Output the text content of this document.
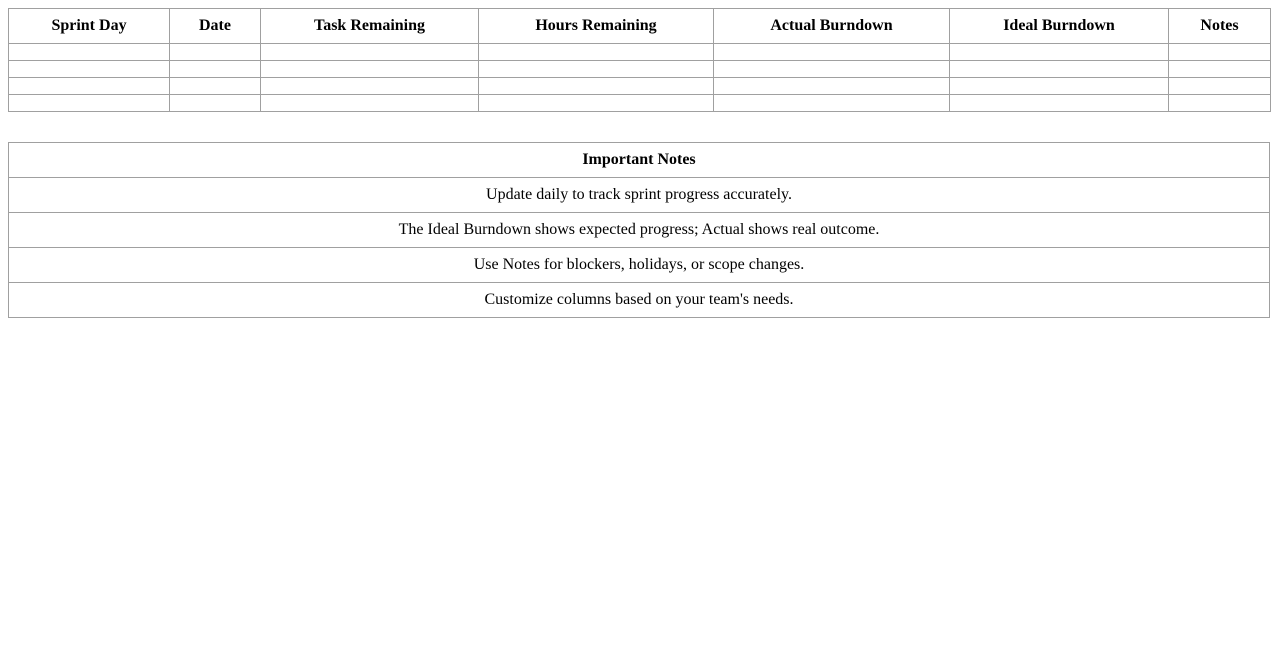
Sprint Day	Date	Task Remaining	Hours Remaining	Actual Burndown	Ideal Burndown	Notes

Important Notes
Update daily to track sprint progress accurately.
The Ideal Burndown shows expected progress; Actual shows real outcome.
Use Notes for blockers, holidays, or scope changes.
Customize columns based on your team's needs.
